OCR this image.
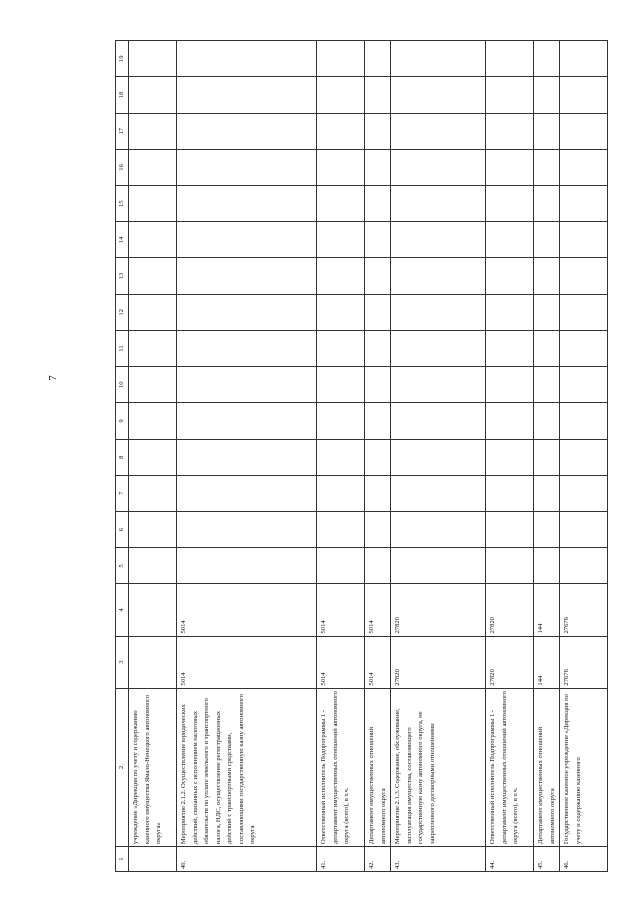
7
1	2	3	4	5	6	7	8	9	10	11	12	13	14	15	16	17	18	19
	учреждение «Дирекция по учету и содержанию казенного имущества Ямало-Ненецкого автономного округа»																	
40.	Мероприятие 2.1.2. Осуществление юридических действий, связанных с исполнением налоговых обязательств по уплате земельного и транспортного налога, НДС, осуществление регистрационных действий с транспортными средствами, составляющими государственную казну автономного округа	5014	5014															
41.	Ответственный исполнитель Подпрограммы 1 - департамент имущественных отношений автономного округа (всего), в т.ч.	5014	5014															
42.	Департамент имущественных отношений автономного округа	5014	5014															
43.	Мероприятие 2.1.3. Содержание, обслуживание, эксплуатация имущества, составляющего государственную казну автономного округа, не закрепленного договорными отношениями	27820	27820															
44.	Ответственный исполнитель Подпрограммы 1 - департамент имущественных отношений автономного округа (всего), в т.ч.	27820	27820															
45.	Департамент имущественных отношений автономного округа	144	144															
46.	Государственное казенное учреждение «Дирекция по учету и содержанию казенного	27676	27676															
